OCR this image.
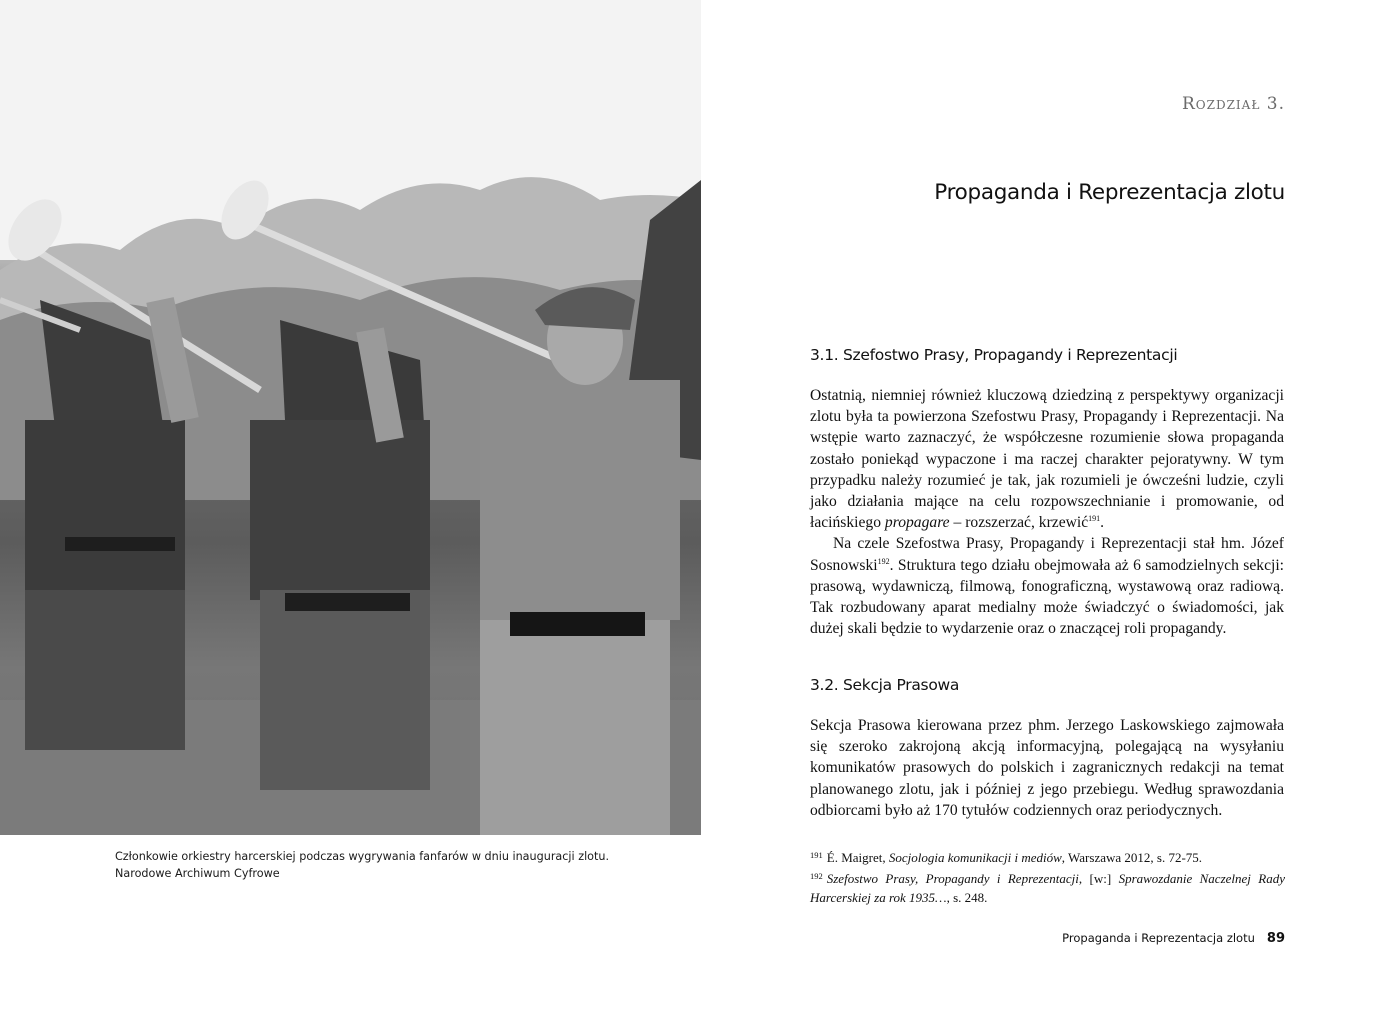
Członkowie orkiestry harcerskiej podczas wygrywania fanfarów w dniu inauguracji zlotu.
Narodowe Archiwum Cyfrowe
Rozdział 3.
Propaganda i Reprezentacja zlotu
3.1. Szefostwo Prasy, Propagandy i Reprezentacji

Ostatnią, niemniej również kluczową dziedziną z perspektywy organizacji zlotu była ta powierzona Szefostwu Prasy, Propagandy i Reprezentacji. Na wstępie warto zaznaczyć, że współczesne rozumienie słowa propaganda zostało poniekąd wypaczone i ma raczej charakter pejoratywny. W tym przypadku należy rozumieć je tak, jak rozumieli je ówcześni ludzie, czyli jako działania mające na celu rozpowszechnianie i promowanie, od łacińskiego propagare – rozszerzać, krzewić$^{191}$.

Na czele Szefostwa Prasy, Propagandy i Reprezentacji stał hm. Józef Sosnowski$^{192}$. Struktura tego działu obejmowała aż 6 samodzielnych sekcji: prasową, wydawniczą, filmową, fonograficzną, wystawową oraz radiową. Tak rozbudowany aparat medialny może świadczyć o świadomości, jak dużej skali będzie to wydarzenie oraz o znaczącej roli propagandy.

3.2. Sekcja Prasowa

Sekcja Prasowa kierowana przez phm. Jerzego Laskowskiego zajmowała się szeroko zakrojoną akcją informacyjną, polegającą na wysyłaniu komunikatów prasowych do polskich i zagranicznych redakcji na temat planowanego zlotu, jak i później z jego przebiegu. Według sprawozdania odbiorcami było aż 170 tytułów codziennych oraz periodycznych.

$^{191}$ É. Maigret, Socjologia komunikacji i mediów, Warszawa 2012, s. 72-75.
$^{192}$ Szefostwo Prasy, Propagandy i Reprezentacji, [w:] Sprawozdanie Naczelnej Rady Harcerskiej za rok 1935…, s. 248.
Propaganda i Reprezentacja zlotu 89
